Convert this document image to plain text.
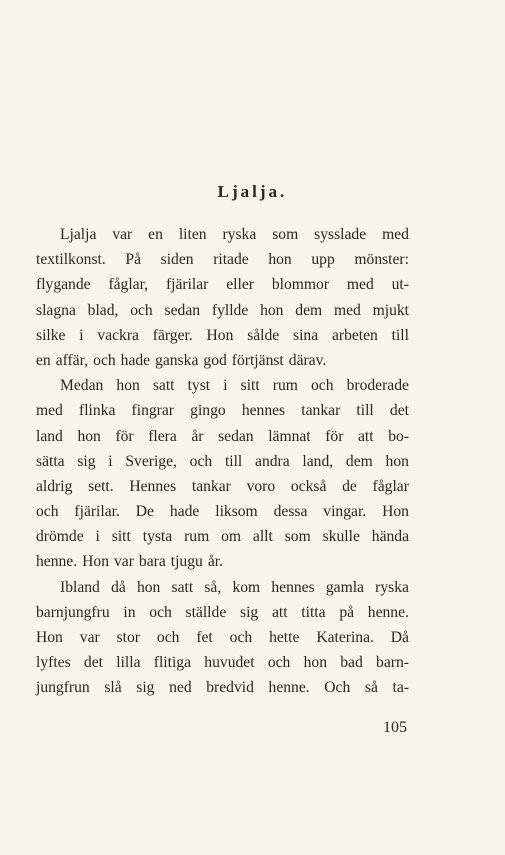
Ljalja.
Ljalja var en liten ryska som sysslade med
textilkonst. På siden ritade hon upp mönster:
flygande fåglar, fjärilar eller blommor med ut-
slagna blad, och sedan fyllde hon dem med mjukt
silke i vackra färger. Hon sålde sina arbeten till
en affär, och hade ganska god förtjänst därav.
Medan hon satt tyst i sitt rum och broderade
med flinka fingrar gingo hennes tankar till det
land hon för flera år sedan lämnat för att bo-
sätta sig i Sverige, och till andra land, dem hon
aldrig sett. Hennes tankar voro också de fåglar
och fjärilar. De hade liksom dessa vingar. Hon
drömde i sitt tysta rum om allt som skulle hända
henne. Hon var bara tjugu år.
Ibland då hon satt så, kom hennes gamla ryska
barnjungfru in och ställde sig att titta på henne.
Hon var stor och fet och hette Katerina. Då
lyftes det lilla flitiga huvudet och hon bad barn-
jungfrun slå sig ned bredvid henne. Och så ta-
105
